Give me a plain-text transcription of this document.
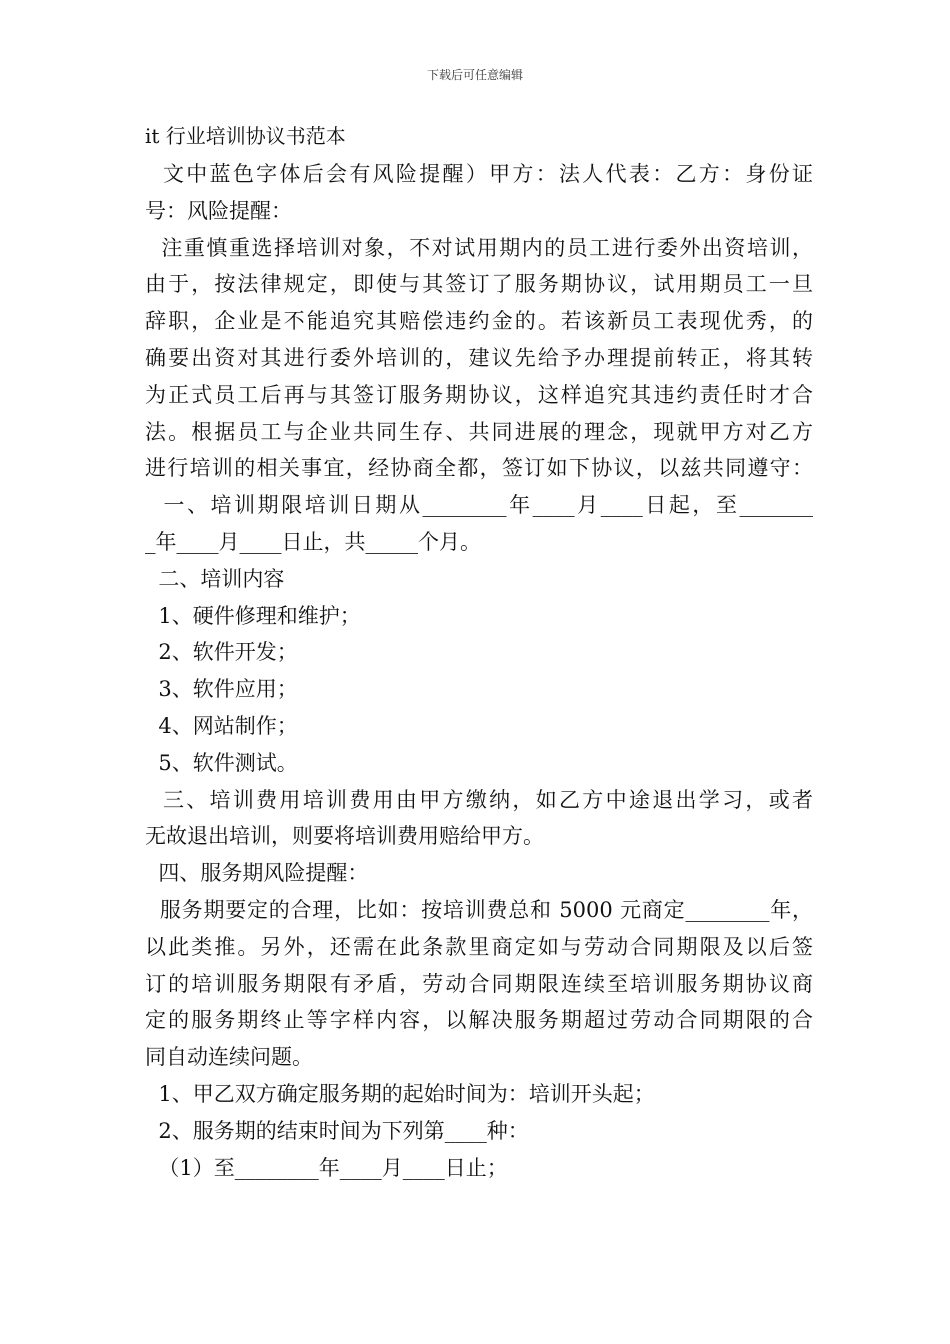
下载后可任意编辑
it 行业培训协议书范本

文中蓝色字体后会有风险提醒）甲方：法人代表：乙方：身份证

号：风险提醒：

注重慎重选择培训对象，不对试用期内的员工进行委外出资培训，

由于，按法律规定，即使与其签订了服务期协议，试用期员工一旦

辞职，企业是不能追究其赔偿违约金的。若该新员工表现优秀，的

确要出资对其进行委外培训的，建议先给予办理提前转正，将其转

为正式员工后再与其签订服务期协议，这样追究其违约责任时才合

法。根据员工与企业共同生存、共同进展的理念，现就甲方对乙方

进行培训的相关事宜，经协商全都，签订如下协议，以兹共同遵守：

一、培训期限培训日期从________年____月____日起，至_______

_年____月____日止，共_____个月。

二、培训内容

1、硬件修理和维护；

2、软件开发；

3、软件应用；

4、网站制作；

5、软件测试。

三、培训费用培训费用由甲方缴纳，如乙方中途退出学习，或者

无故退出培训，则要将培训费用赔给甲方。

四、服务期风险提醒：

服务期要定的合理，比如：按培训费总和 5000 元商定________年，

以此类推。另外，还需在此条款里商定如与劳动合同期限及以后签

订的培训服务期限有矛盾，劳动合同期限连续至培训服务期协议商

定的服务期终止等字样内容，以解决服务期超过劳动合同期限的合

同自动连续问题。

1、甲乙双方确定服务期的起始时间为：培训开头起；

2、服务期的结束时间为下列第____种：

（1）至________年____月____日止；
